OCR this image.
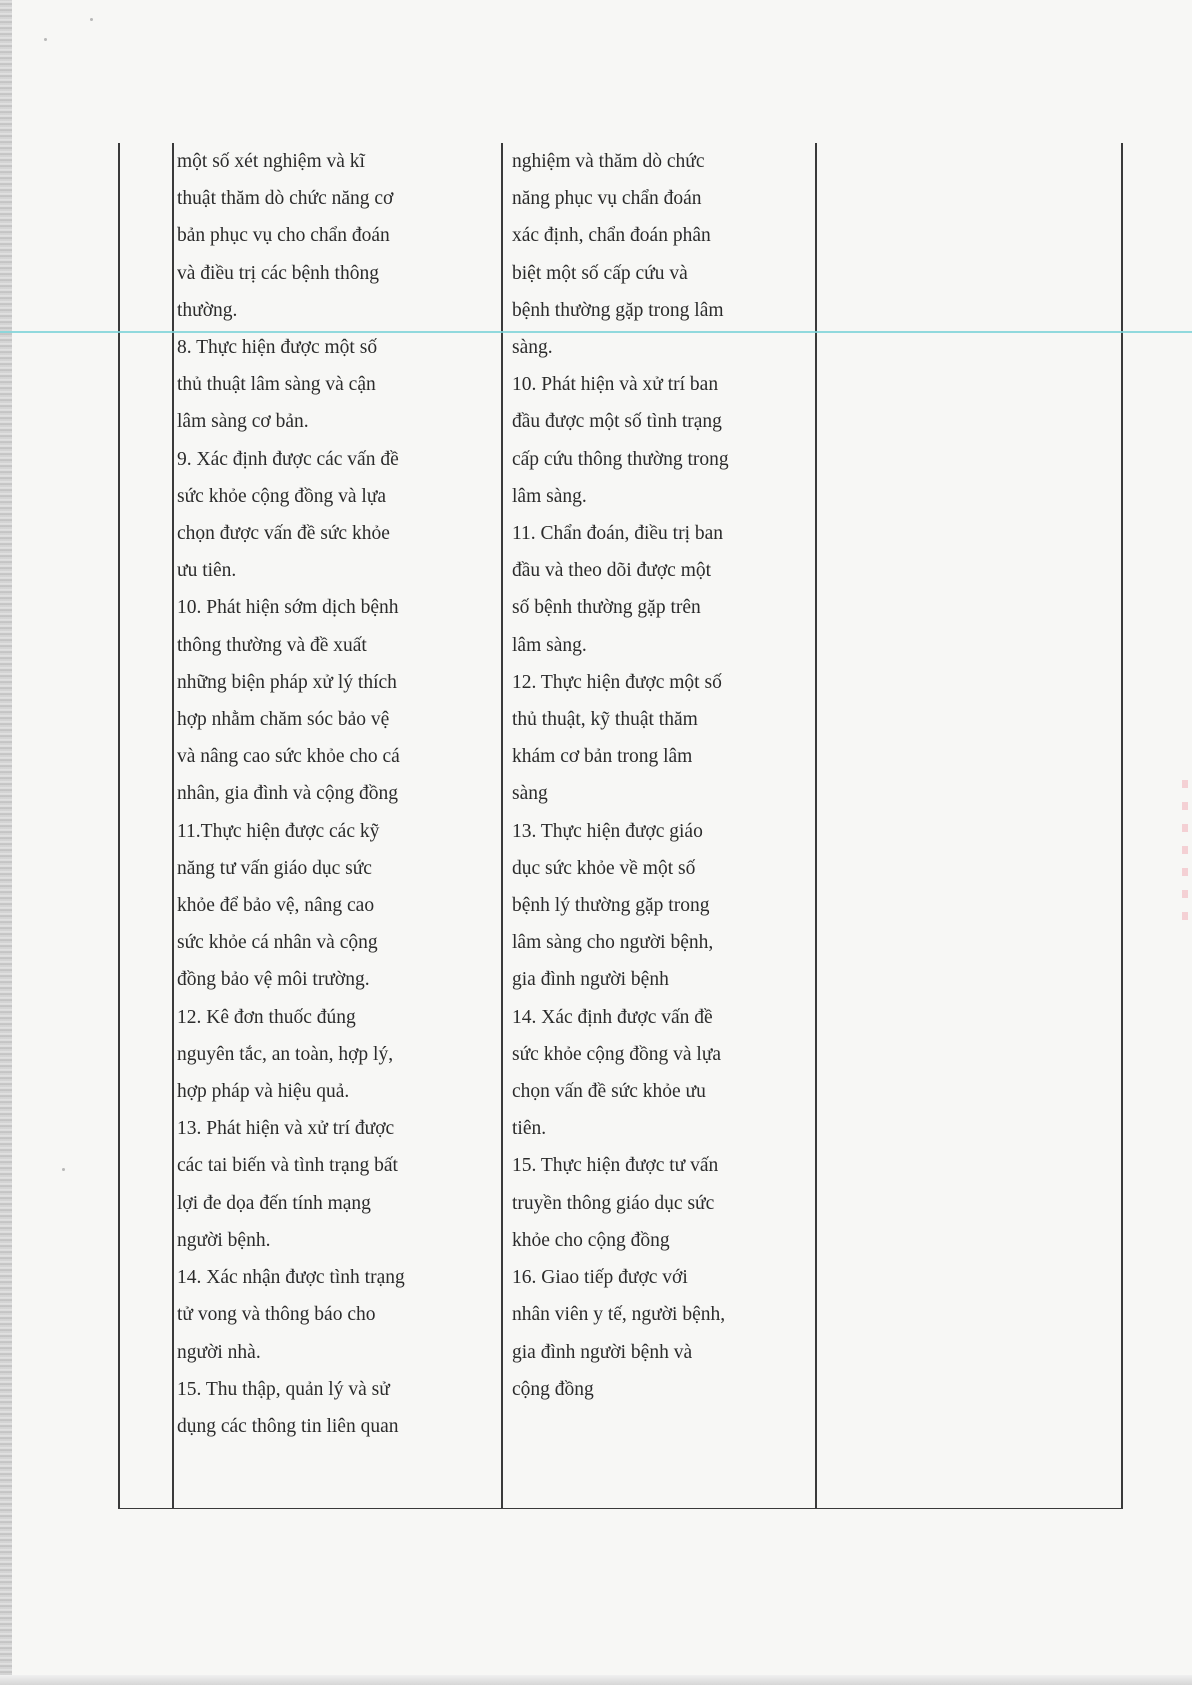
một số xét nghiệm và kĩ

thuật thăm dò chức năng cơ

bản phục vụ cho chẩn đoán

và điều trị các bệnh thông

thường.

8. Thực hiện được một số

thủ thuật lâm sàng và cận

lâm sàng cơ bản.

9. Xác định được các vấn đề

sức khỏe cộng đồng và lựa

chọn được vấn đề sức khỏe

ưu tiên.

10. Phát hiện sớm dịch bệnh

thông thường và đề xuất

những biện pháp xử lý thích

hợp nhằm chăm sóc bảo vệ

và nâng cao sức khỏe cho cá

nhân, gia đình và cộng đồng

11.Thực hiện được các kỹ

năng tư vấn giáo dục sức

khỏe để bảo vệ, nâng cao

sức khỏe cá nhân và cộng

đồng bảo vệ môi trường.

12. Kê đơn thuốc đúng

nguyên tắc, an toàn, hợp lý,

hợp pháp và hiệu quả.

13. Phát hiện và xử trí được

các tai biến và tình trạng bất

lợi đe dọa đến tính mạng

người bệnh.

14. Xác nhận được tình trạng

tử vong và thông báo cho

người nhà.

15. Thu thập, quản lý và sử

dụng các thông tin liên quan

nghiệm và thăm dò chức

năng phục vụ chẩn đoán

xác định, chẩn đoán phân

biệt một số cấp cứu và

bệnh thường gặp trong lâm

sàng.

10. Phát hiện và xử trí ban

đầu được một số tình trạng

cấp cứu thông thường trong

lâm sàng.

11. Chẩn đoán, điều trị ban

đầu và theo dõi được một

số bệnh thường gặp trên

lâm sàng.

12. Thực hiện được một số

thủ thuật, kỹ thuật thăm

khám cơ bản trong lâm

sàng

13. Thực hiện được giáo

dục sức khỏe về một số

bệnh lý thường gặp trong

lâm sàng cho người bệnh,

gia đình người bệnh

14. Xác định được vấn đề

sức khỏe cộng đồng và lựa

chọn vấn đề sức khỏe ưu

tiên.

15. Thực hiện được tư vấn

truyền thông giáo dục sức

khỏe cho cộng đồng

16. Giao tiếp được với

nhân viên y tế, người bệnh,

gia đình người bệnh và

cộng đồng
